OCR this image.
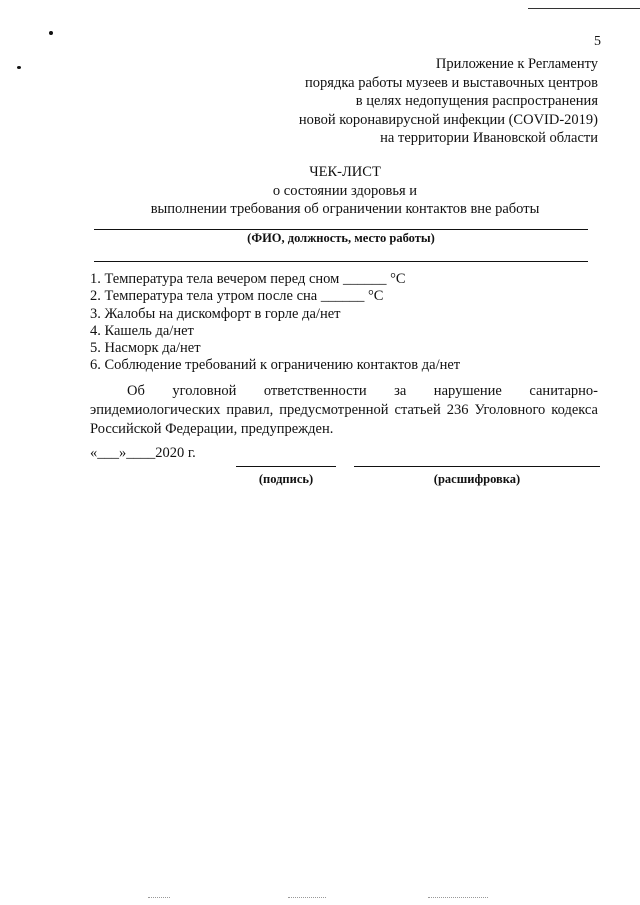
5
Приложение к Регламенту
порядка работы музеев и выставочных центров
в целях недопущения распространения
новой коронавирусной инфекции (COVID-2019)
на территории Ивановской области
ЧЕК-ЛИСТ
о состоянии здоровья и
выполнении требования об ограничении контактов вне работы
(ФИО, должность, место работы)
1. Температура тела вечером перед сном ______ °С
2. Температура тела утром после сна ______ °С
3. Жалобы на дискомфорт в горле да/нет
4. Кашель да/нет
5. Насморк да/нет
6. Соблюдение требований к ограничению контактов да/нет

Об уголовной ответственности за нарушение санитарно-эпидемиологических правил, предусмотренной статьей 236 Уголовного кодекса Российской Федерации, предупрежден.

«___»____2020 г.
(подпись)	(расшифровка)
